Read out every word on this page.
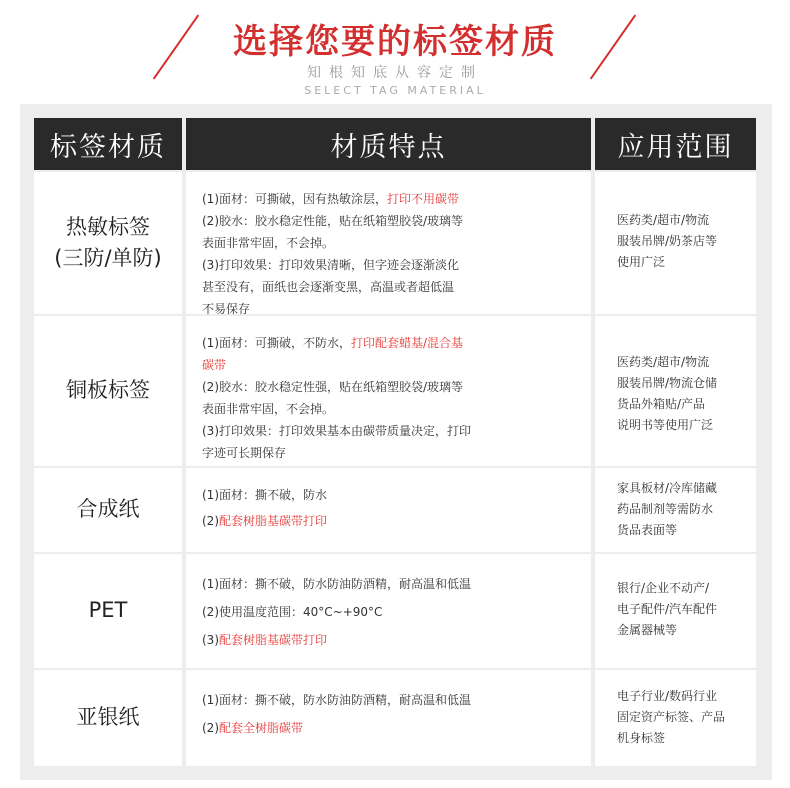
选择您要的标签材质
知根知底从容定制
SELECT TAG MATERIAL
标签材质	材质特点	应用范围
热敏标签
(三防/单防)
(1)面材：可撕破，因有热敏涂层，打印不用碳带
(2)胶水：胶水稳定性能，贴在纸箱塑胶袋/玻璃等
表面非常牢固，不会掉。
(3)打印效果：打印效果清晰，但字迹会逐渐淡化
甚至没有，面纸也会逐渐变黑，高温或者超低温
不易保存
医药类/超市/物流
服装吊牌/奶茶店等
使用广泛
铜板标签
(1)面材：可撕破，不防水，打印配套蜡基/混合基
碳带
(2)胶水：胶水稳定性强，贴在纸箱塑胶袋/玻璃等
表面非常牢固，不会掉。
(3)打印效果：打印效果基本由碳带质量决定，打印
字迹可长期保存
医药类/超市/物流
服装吊牌/物流仓储
货品外箱贴/产品
说明书等使用广泛
合成纸
(1)面材：撕不破，防水
(2)配套树脂基碳带打印
家具板材/冷库储藏
药品制剂等需防水
货品表面等
PET
(1)面材：撕不破，防水防油防酒精，耐高温和低温
(2)使用温度范围：40°C~+90°C
(3)配套树脂基碳带打印
银行/企业不动产/
电子配件/汽车配件
金属器械等
亚银纸
(1)面材：撕不破，防水防油防酒精，耐高温和低温
(2)配套全树脂碳带
电子行业/数码行业
固定资产标签、产品
机身标签
